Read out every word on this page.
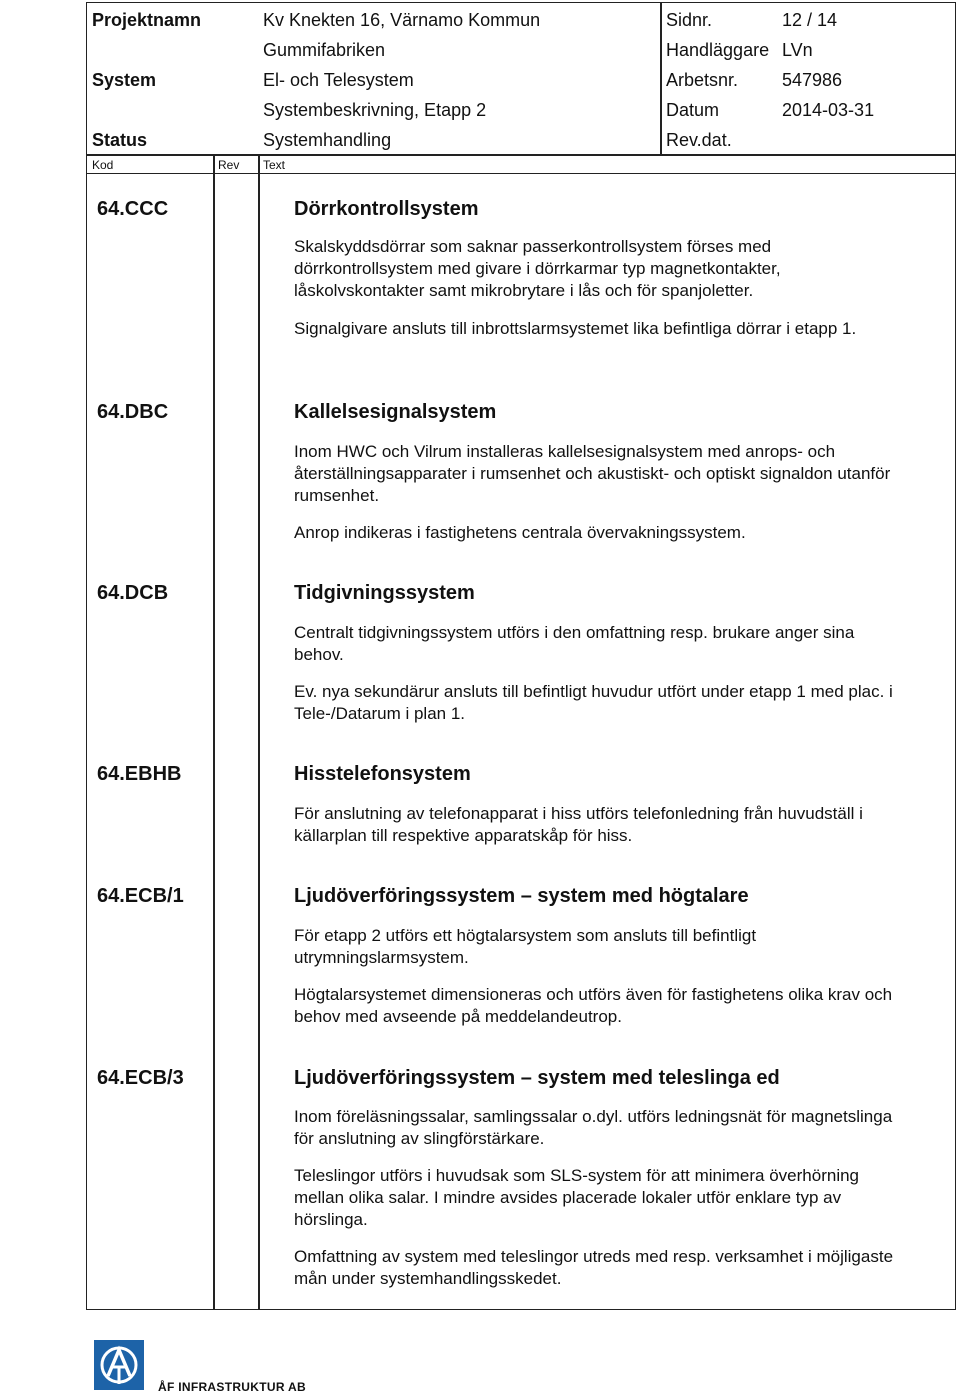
Projektnamn	Kv Knekten 16, Värnamo Kommun
Gummifabriken
System	El- och Telesystem
Systembeskrivning, Etapp 2
Status	Systemhandling
Sidnr.	12 / 14
Handläggare LVn
Arbetsnr. 547986
Datum	2014-03-31
Rev.dat.
Kod	Rev Text
64.CCC	Dörrkontrollsystem
Skalskyddsdörrar som saknar passerkontrollsystem förses med dörrkontrollsystem med givare i dörrkarmar typ magnetkontakter, låskolvskontakter samt mikrobrytare i lås och för spanjoletter.
Signalgivare ansluts till inbrottslarmsystemet lika befintliga dörrar i etapp 1.
64.DBC	Kallelsesignalsystem
Inom HWC och Vilrum installeras kallelsesignalsystem med anrops- och återställningsapparater i rumsenhet och akustiskt- och optiskt signaldon utanför rumsenhet.
Anrop indikeras i fastighetens centrala övervakningssystem.
64.DCB	Tidgivningssystem
Centralt tidgivningssystem utförs i den omfattning resp. brukare anger sina behov.
Ev. nya sekundärur ansluts till befintligt huvudur utfört under etapp 1 med plac. i Tele-/Datarum i plan 1.
64.EBHB	Hisstelefonsystem
För anslutning av telefonapparat i hiss utförs telefonledning från huvudställ i källarplan till respektive apparatskåp för hiss.
64.ECB/1	Ljudöverföringssystem – system med högtalare
För etapp 2 utförs ett högtalarsystem som ansluts till befintligt utrymningslarmsystem.
Högtalarsystemet dimensioneras och utförs även för fastighetens olika krav och behov med avseende på meddelandeutrop.
64.ECB/3	Ljudöverföringssystem – system med teleslinga ed
Inom föreläsningssalar, samlingssalar o.dyl. utförs ledningsnät för magnetslinga för anslutning av slingförstärkare.
Teleslingor utförs i huvudsak som SLS-system för att minimera överhörning mellan olika salar. I mindre avsides placerade lokaler utför enklare typ av hörslinga.
Omfattning av system med teleslingor utreds med resp. verksamhet i möjligaste mån under systemhandlingsskedet.
ÅF INFRASTRUKTUR AB
